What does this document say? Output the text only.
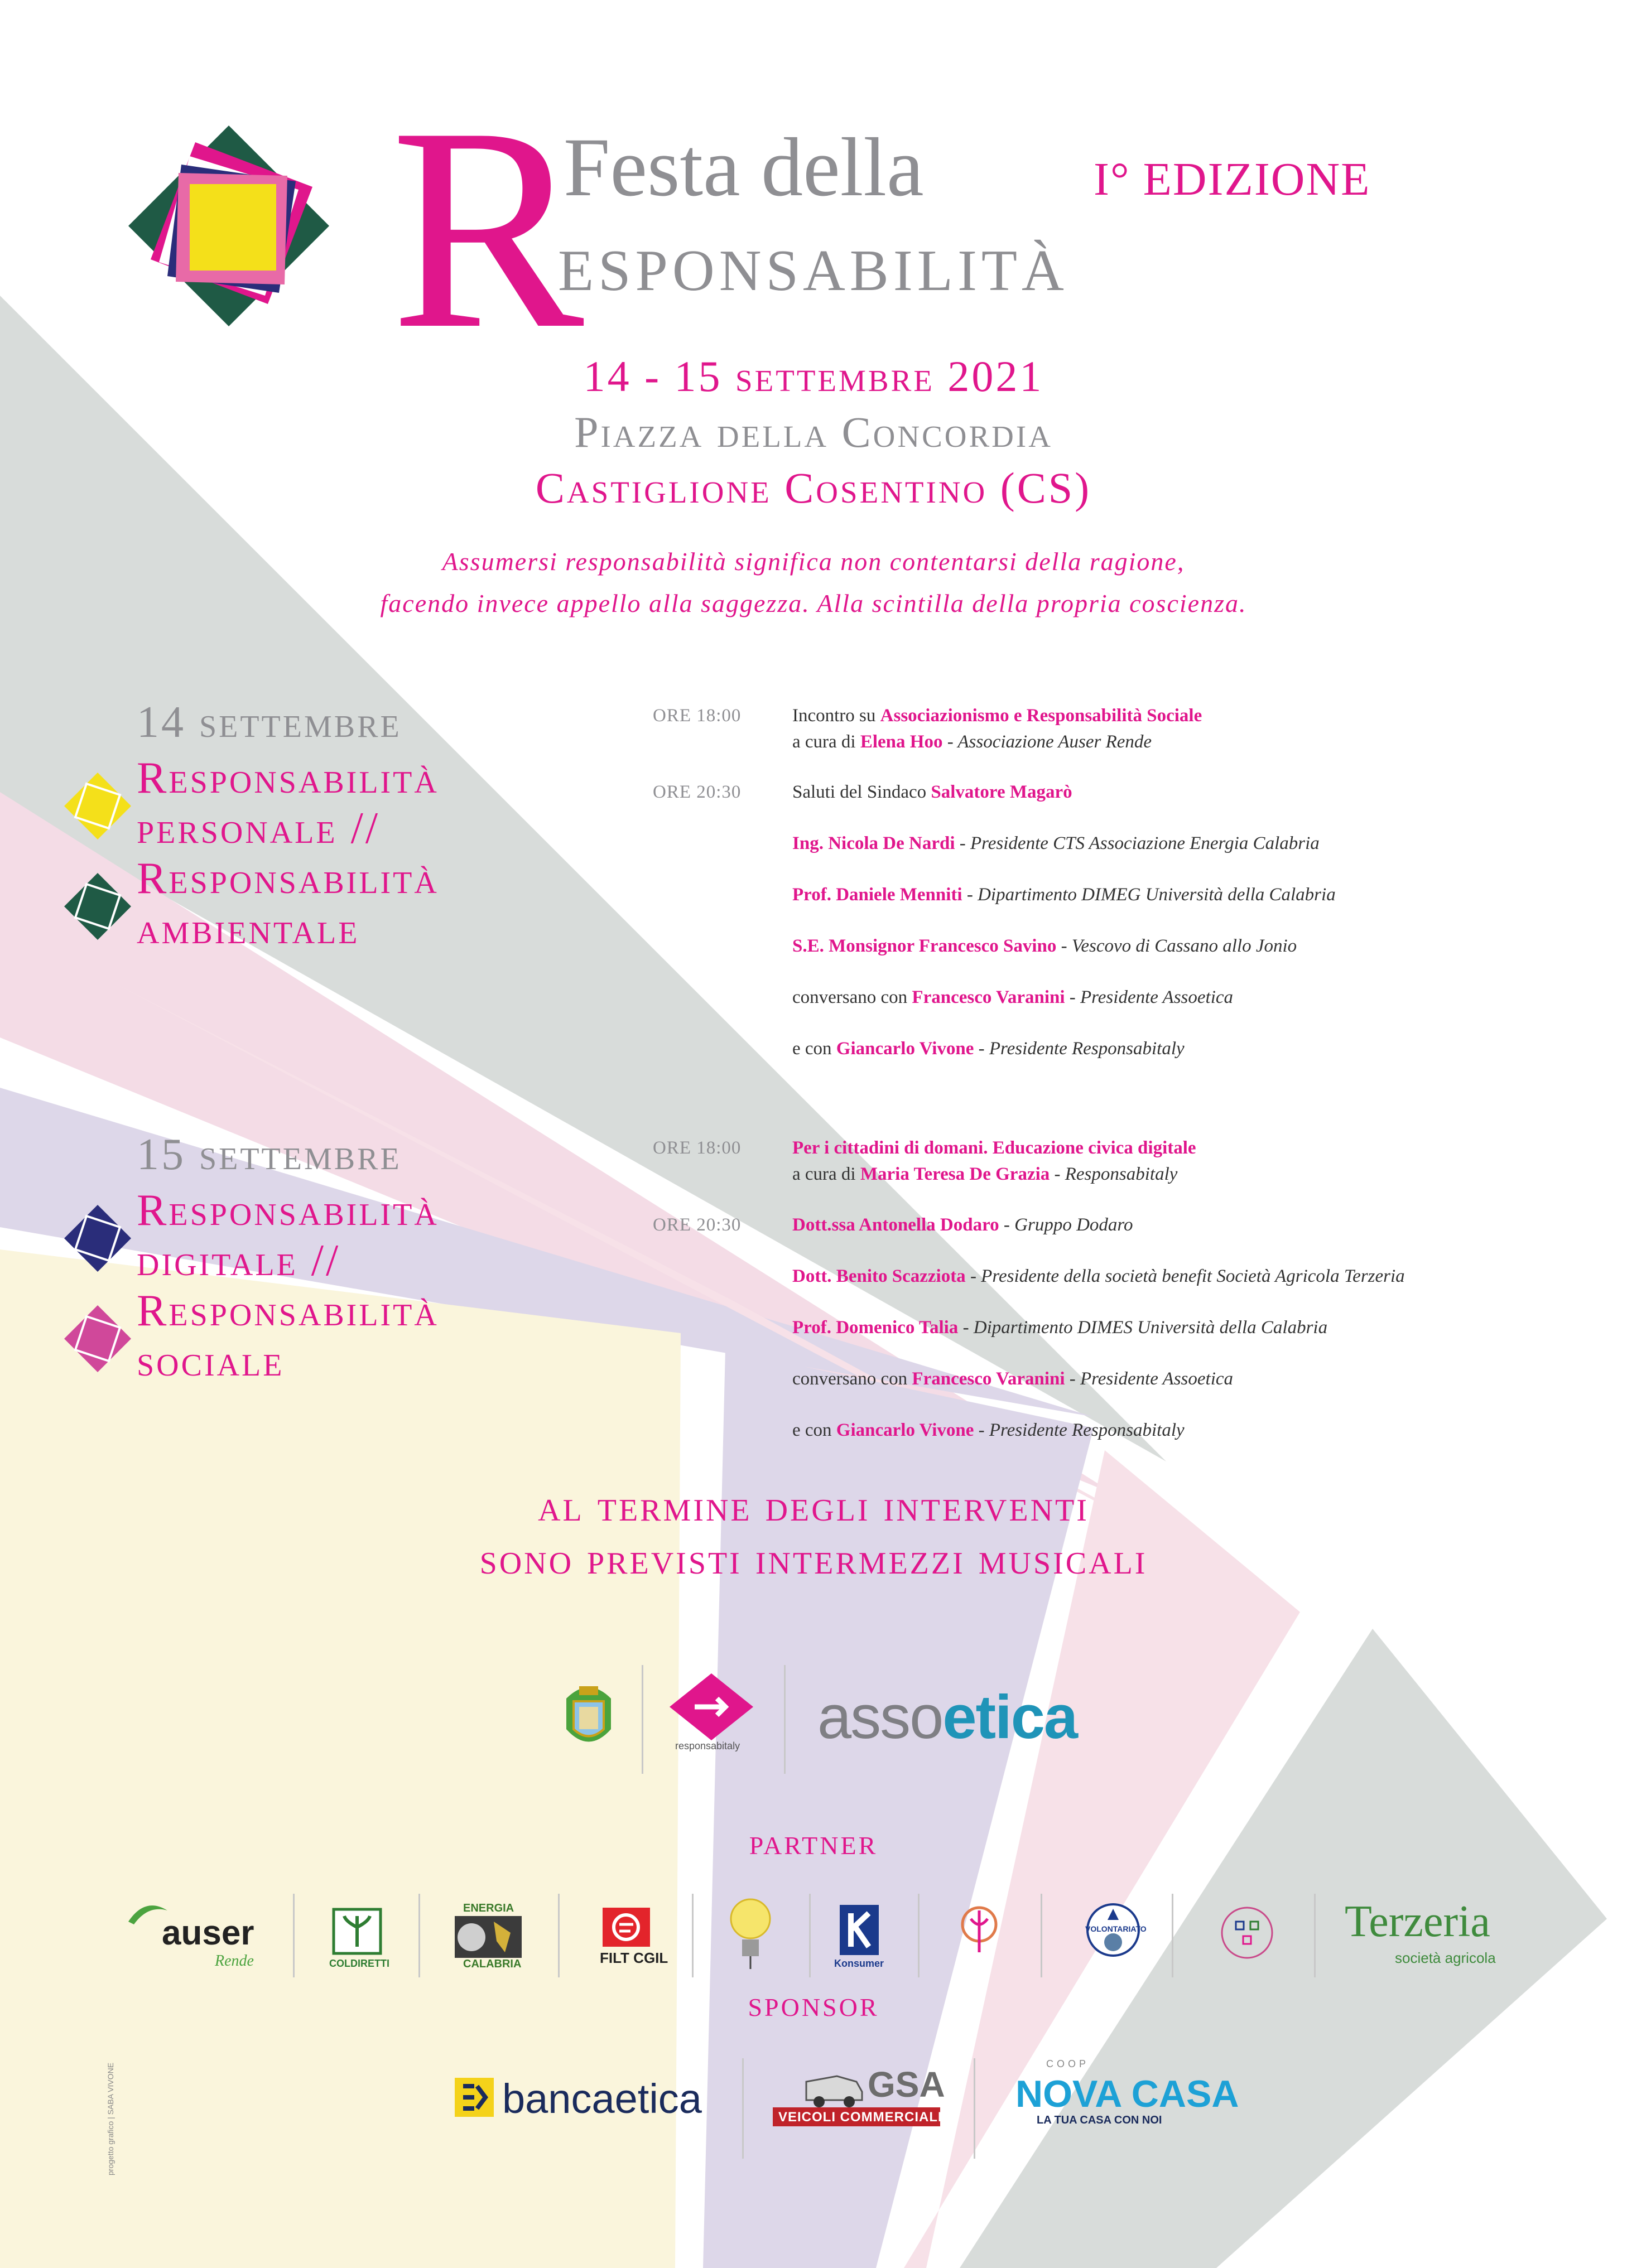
R
Festa della
esponsabilità
I° EDIZIONE
14 - 15 settembre 2021
Piazza della Concordia
Castiglione Cosentino (CS)
Assumersi responsabilità significa non contentarsi della ragione,
facendo invece appello alla saggezza. Alla scintilla della propria coscienza.
14 settembre
Responsabilità
personale //
Responsabilità
ambientale
15 settembre
Responsabilità
digitale //
Responsabilità
sociale
ORE 18:00	Incontro su Associazionismo e Responsabilità Sociale
a cura di Elena Hoo - Associazione Auser Rende
ORE 20:30	Saluti del Sindaco Salvatore Magarò
Ing. Nicola De Nardi - Presidente CTS Associazione Energia Calabria
Prof. Daniele Menniti - Dipartimento DIMEG Università della Calabria
S.E. Monsignor Francesco Savino - Vescovo di Cassano allo Jonio
conversano con Francesco Varanini - Presidente Assoetica
e con Giancarlo Vivone - Presidente Responsabitaly
ORE 18:00	Per i cittadini di domani. Educazione civica digitale
a cura di Maria Teresa De Grazia - Responsabitaly
ORE 20:30	Dott.ssa Antonella Dodaro - Gruppo Dodaro
Dott. Benito Scazziota - Presidente della società benefit Società Agricola Terzeria
Prof. Domenico Talia - Dipartimento DIMES Università della Calabria
conversano con Francesco Varanini - Presidente Assoetica
e con Giancarlo Vivone - Presidente Responsabitaly
al termine degli interventi
sono previsti intermezzi musicali
responsabitaly assoetica
partner
auser
Rende	COLDIRETTI
ENERGIA
CALABRIA	FILT CGIL	Konsumer
VOLONTARIATO	Terzeria
società agricola
sponsor
bancaetica	GSA
VEICOLI COMMERCIALI
COOP
NOVA CASA
LA TUA CASA CON NOI
progetto grafico | SABA VIVONE
